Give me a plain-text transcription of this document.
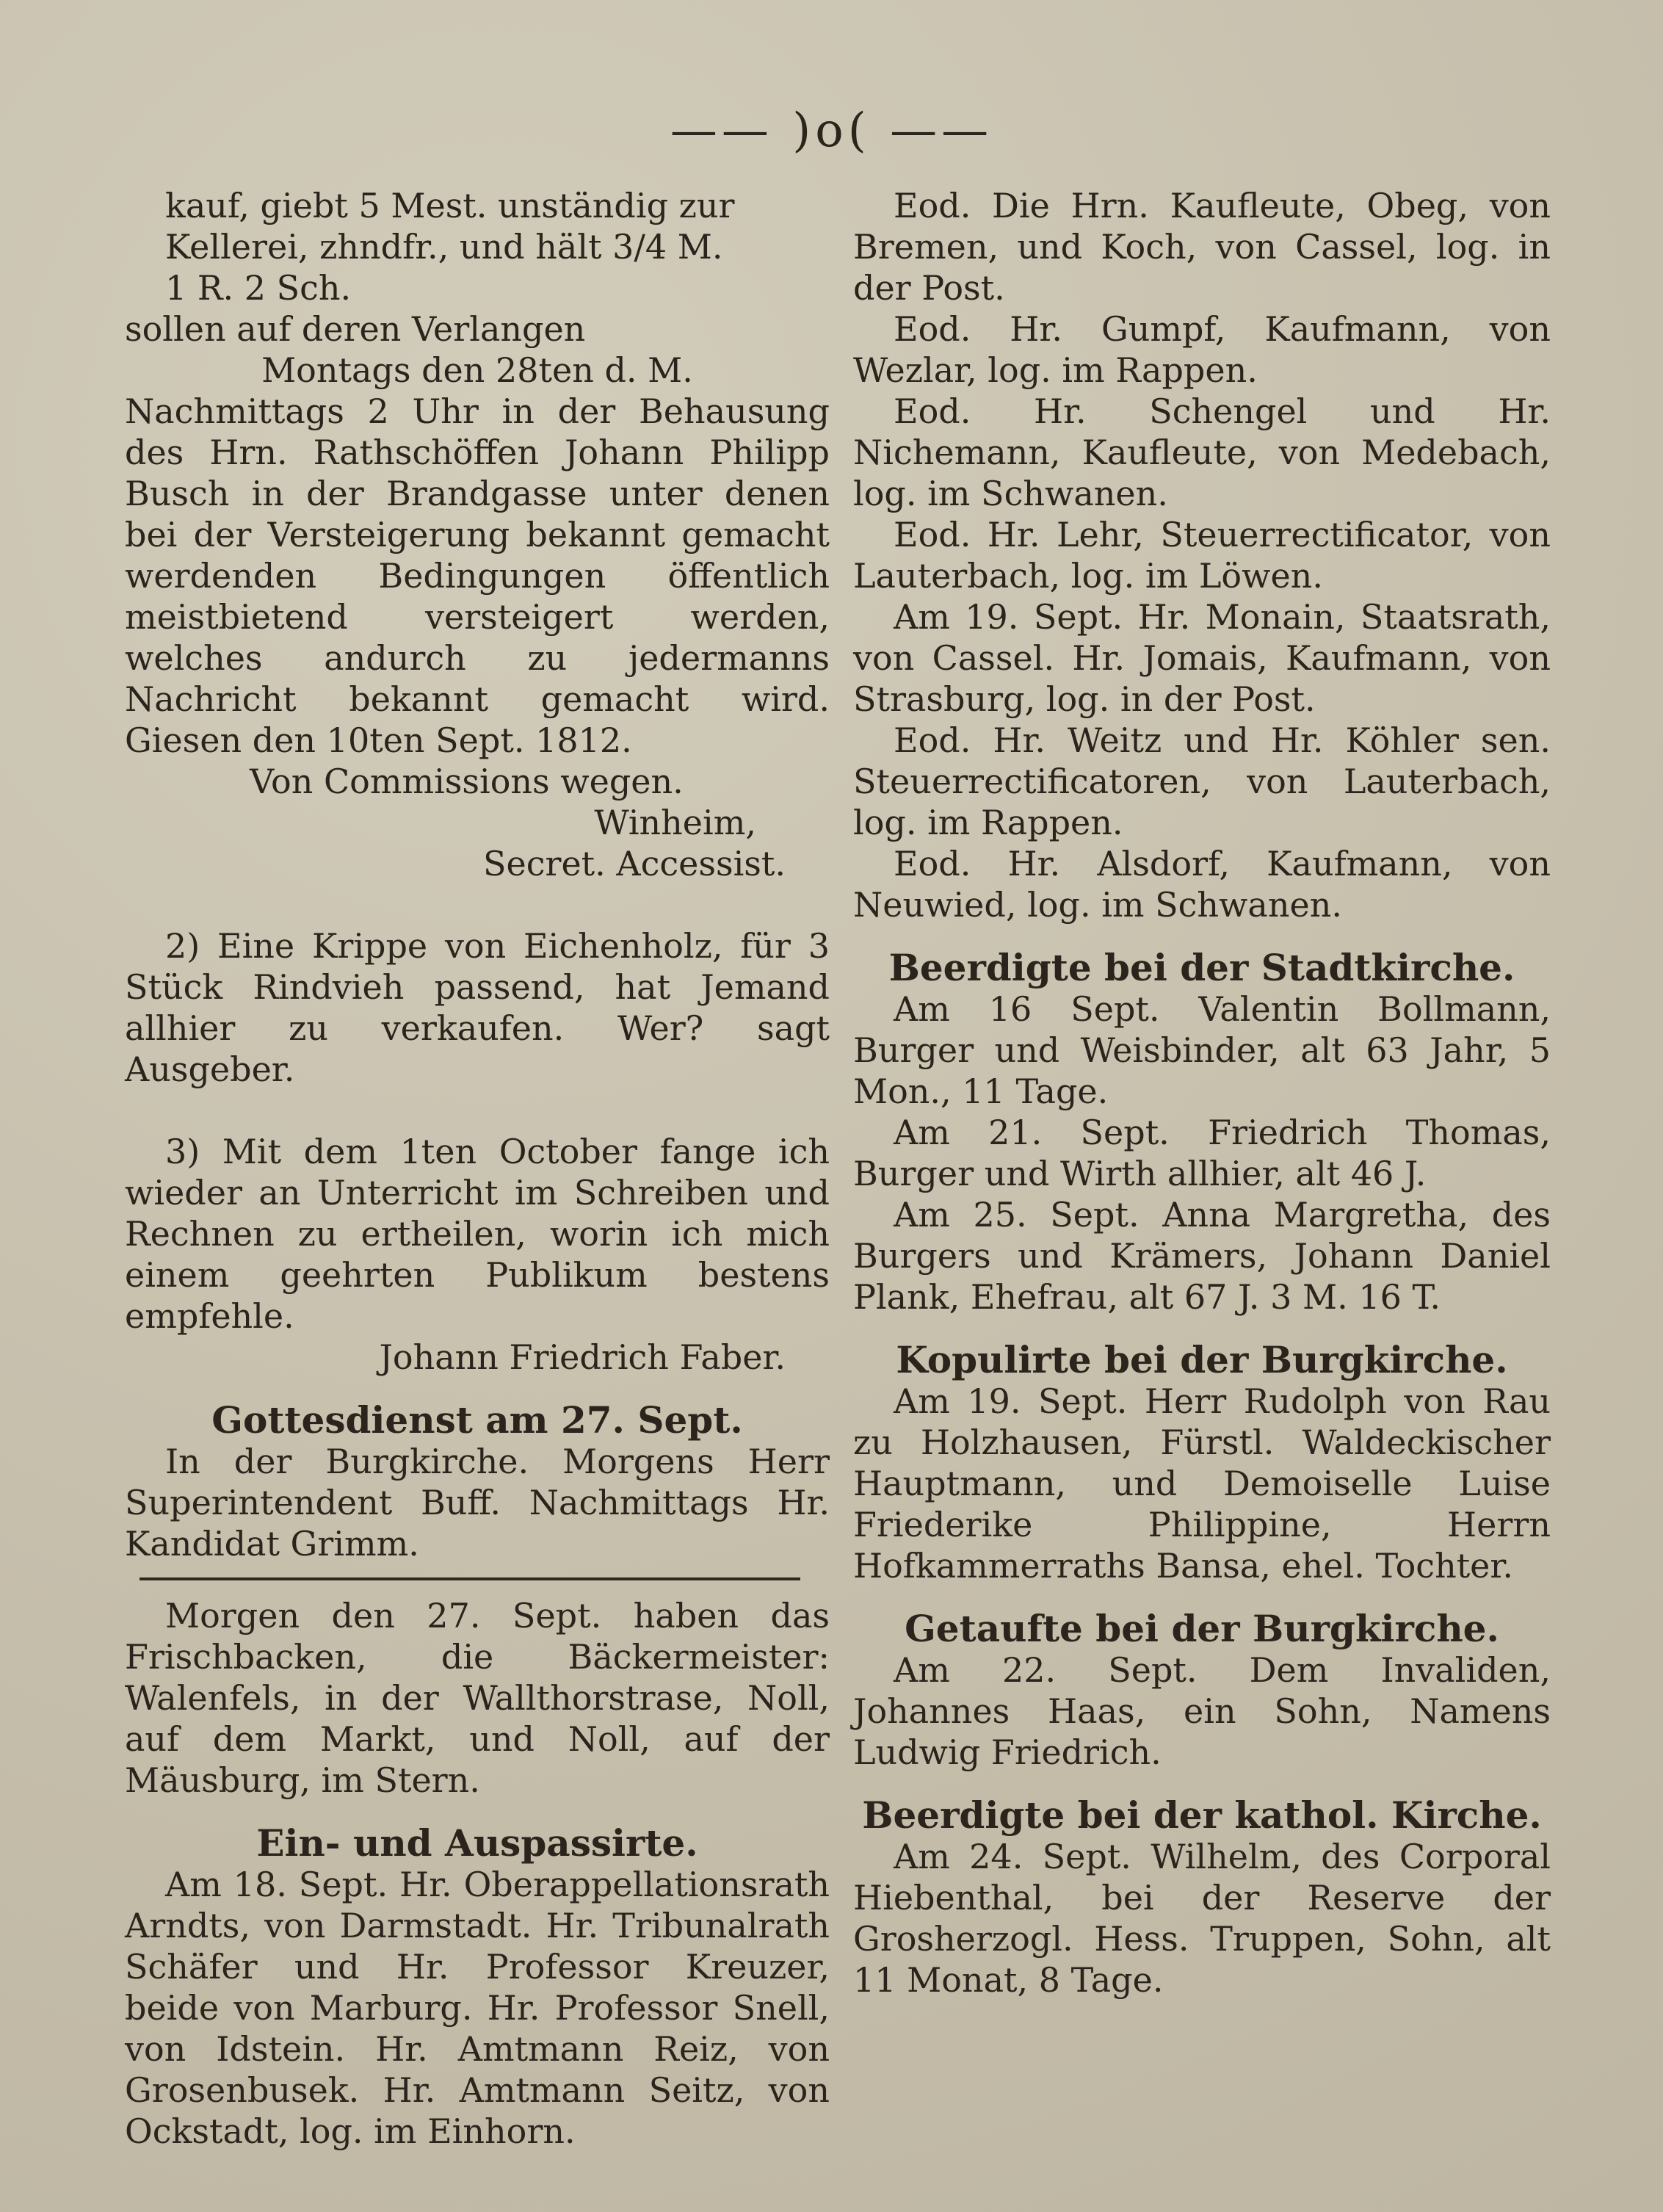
—— )o( ——

kauf, giebt 5 Mest. unständig zur

Kellerei, zhndfr., und hält 3/4 M.

1 R. 2 Sch.

sollen auf deren Verlangen

Montags den 28ten d. M.

Nachmittags 2 Uhr in der Behausung des Hrn. Rathschöffen Johann Philipp Busch in der Brandgasse unter denen bei der Versteigerung bekannt gemacht werdenden Bedingungen öffentlich meistbietend versteigert werden, welches andurch zu jedermanns Nachricht bekannt gemacht wird. Giesen den 10ten Sept. 1812.

Von Commissions wegen.

Winheim,

Secret. Accessist.

2) Eine Krippe von Eichenholz, für 3 Stück Rindvieh passend, hat Jemand allhier zu verkaufen. Wer? sagt Ausgeber.

3) Mit dem 1ten October fange ich wieder an Unterricht im Schreiben und Rechnen zu ertheilen, worin ich mich einem geehrten Publikum bestens empfehle.

Johann Friedrich Faber.

Gottesdienst am 27. Sept.

In der Burgkirche. Morgens Herr Superintendent Buff. Nachmittags Hr. Kandidat Grimm.

Morgen den 27. Sept. haben das Frischbacken, die Bäckermeister: Walenfels, in der Wallthorstrase, Noll, auf dem Markt, und Noll, auf der Mäusburg, im Stern.

Ein- und Auspassirte.

Am 18. Sept. Hr. Oberappellationsrath Arndts, von Darmstadt. Hr. Tribunalrath Schäfer und Hr. Professor Kreuzer, beide von Marburg. Hr. Professor Snell, von Idstein. Hr. Amtmann Reiz, von Grosenbusek. Hr. Amtmann Seitz, von Ockstadt, log. im Einhorn.

Eod. Die Hrn. Kaufleute, Obeg, von Bremen, und Koch, von Cassel, log. in der Post.

Eod. Hr. Gumpf, Kaufmann, von Wezlar, log. im Rappen.

Eod. Hr. Schengel und Hr. Nichemann, Kaufleute, von Medebach, log. im Schwanen.

Eod. Hr. Lehr, Steuerrectificator, von Lauterbach, log. im Löwen.

Am 19. Sept. Hr. Monain, Staatsrath, von Cassel. Hr. Jomais, Kaufmann, von Strasburg, log. in der Post.

Eod. Hr. Weitz und Hr. Köhler sen. Steuerrectificatoren, von Lauterbach, log. im Rappen.

Eod. Hr. Alsdorf, Kaufmann, von Neuwied, log. im Schwanen.

Beerdigte bei der Stadtkirche.

Am 16 Sept. Valentin Bollmann, Burger und Weisbinder, alt 63 Jahr, 5 Mon., 11 Tage.

Am 21. Sept. Friedrich Thomas, Burger und Wirth allhier, alt 46 J.

Am 25. Sept. Anna Margretha, des Burgers und Krämers, Johann Daniel Plank, Ehefrau, alt 67 J. 3 M. 16 T.

Kopulirte bei der Burgkirche.

Am 19. Sept. Herr Rudolph von Rau zu Holzhausen, Fürstl. Waldeckischer Hauptmann, und Demoiselle Luise Friederike Philippine, Herrn Hofkammerraths Bansa, ehel. Tochter.

Getaufte bei der Burgkirche.

Am 22. Sept. Dem Invaliden, Johannes Haas, ein Sohn, Namens Ludwig Friedrich.

Beerdigte bei der kathol. Kirche.

Am 24. Sept. Wilhelm, des Corporal Hiebenthal, bei der Reserve der Grosherzogl. Hess. Truppen, Sohn, alt 11 Monat, 8 Tage.
